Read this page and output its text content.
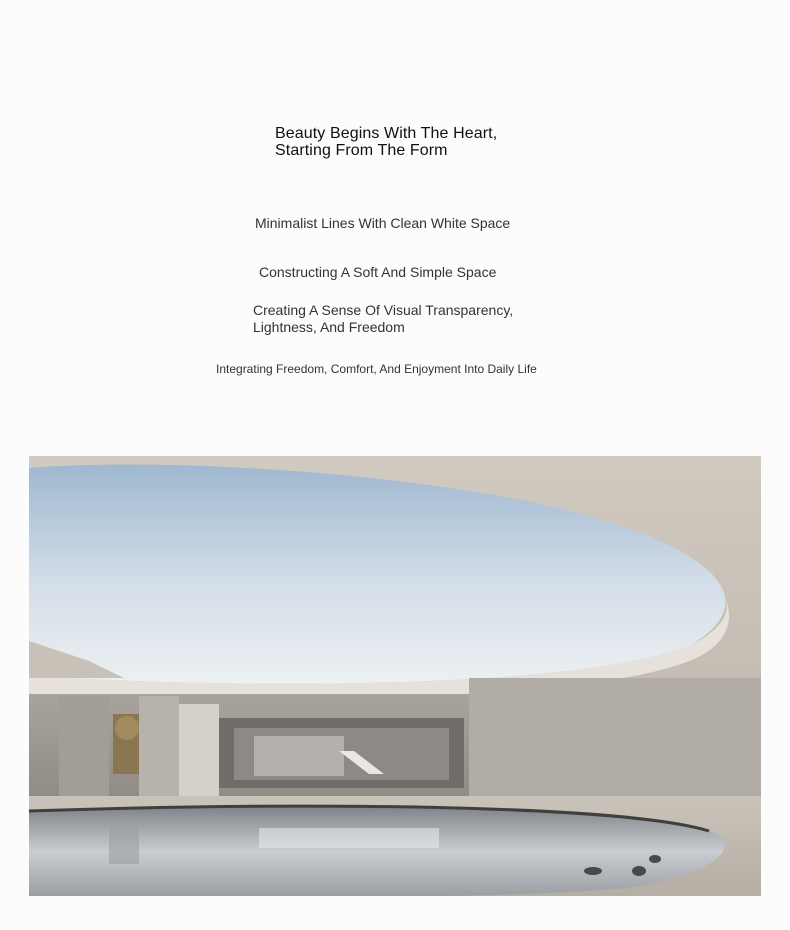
Beauty Begins With The Heart,
Starting From The Form
Minimalist Lines With Clean White Space
Constructing A Soft And Simple Space
Creating A Sense Of Visual Transparency,
Lightness, And Freedom
Integrating Freedom, Comfort, And Enjoyment Into Daily Life
